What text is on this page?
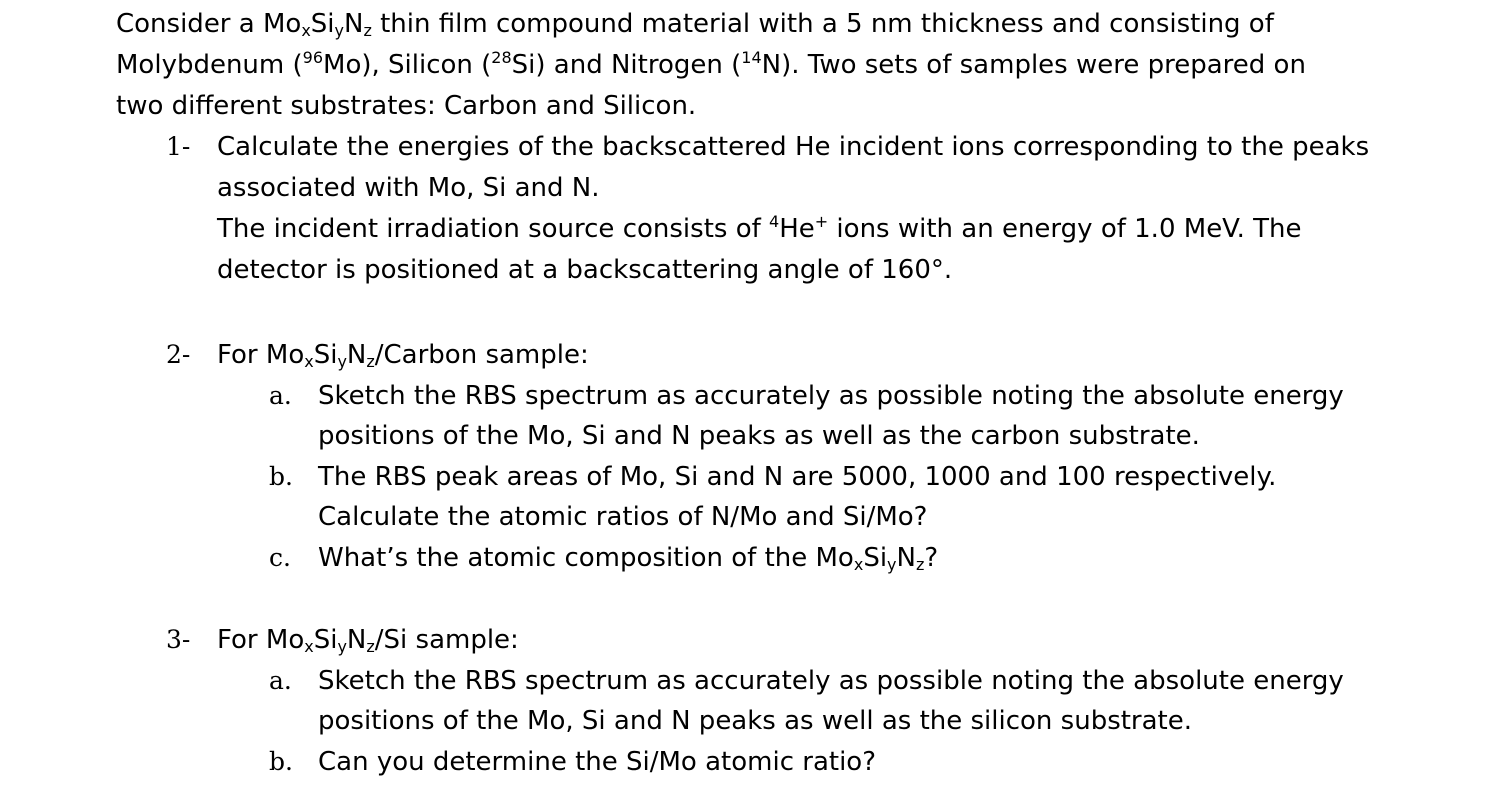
Consider a $Mo_xSi_yN_z$ thin film compound material with a 5 nm thickness and consisting of
Molybdenum ($^{96}$Mo), Silicon ($^{28}$Si) and Nitrogen ($^{14}$N). Two sets of samples were prepared on
two different substrates: Carbon and Silicon.
1- Calculate the energies of the backscattered He incident ions corresponding to the peaks
associated with Mo, Si and N.
The incident irradiation source consists of $^4$He+ ions with an energy of 1.0 MeV. The
detector is positioned at a backscattering angle of 160°.
2- For $Mo_xSi_yN_z$/Carbon sample:
a. Sketch the RBS spectrum as accurately as possible noting the absolute energy
positions of the Mo, Si and N peaks as well as the carbon substrate.
b. The RBS peak areas of Mo, Si and N are 5000, 1000 and 100 respectively.
Calculate the atomic ratios of N/Mo and Si/Mo?
c. What’s the atomic composition of the $Mo_xSi_yN_z$?
3- For $Mo_xSi_yN_z/Si$ sample:
a. Sketch the RBS spectrum as accurately as possible noting the absolute energy
positions of the Mo, Si and N peaks as well as the silicon substrate.
b. Can you determine the Si/Mo atomic ratio?
